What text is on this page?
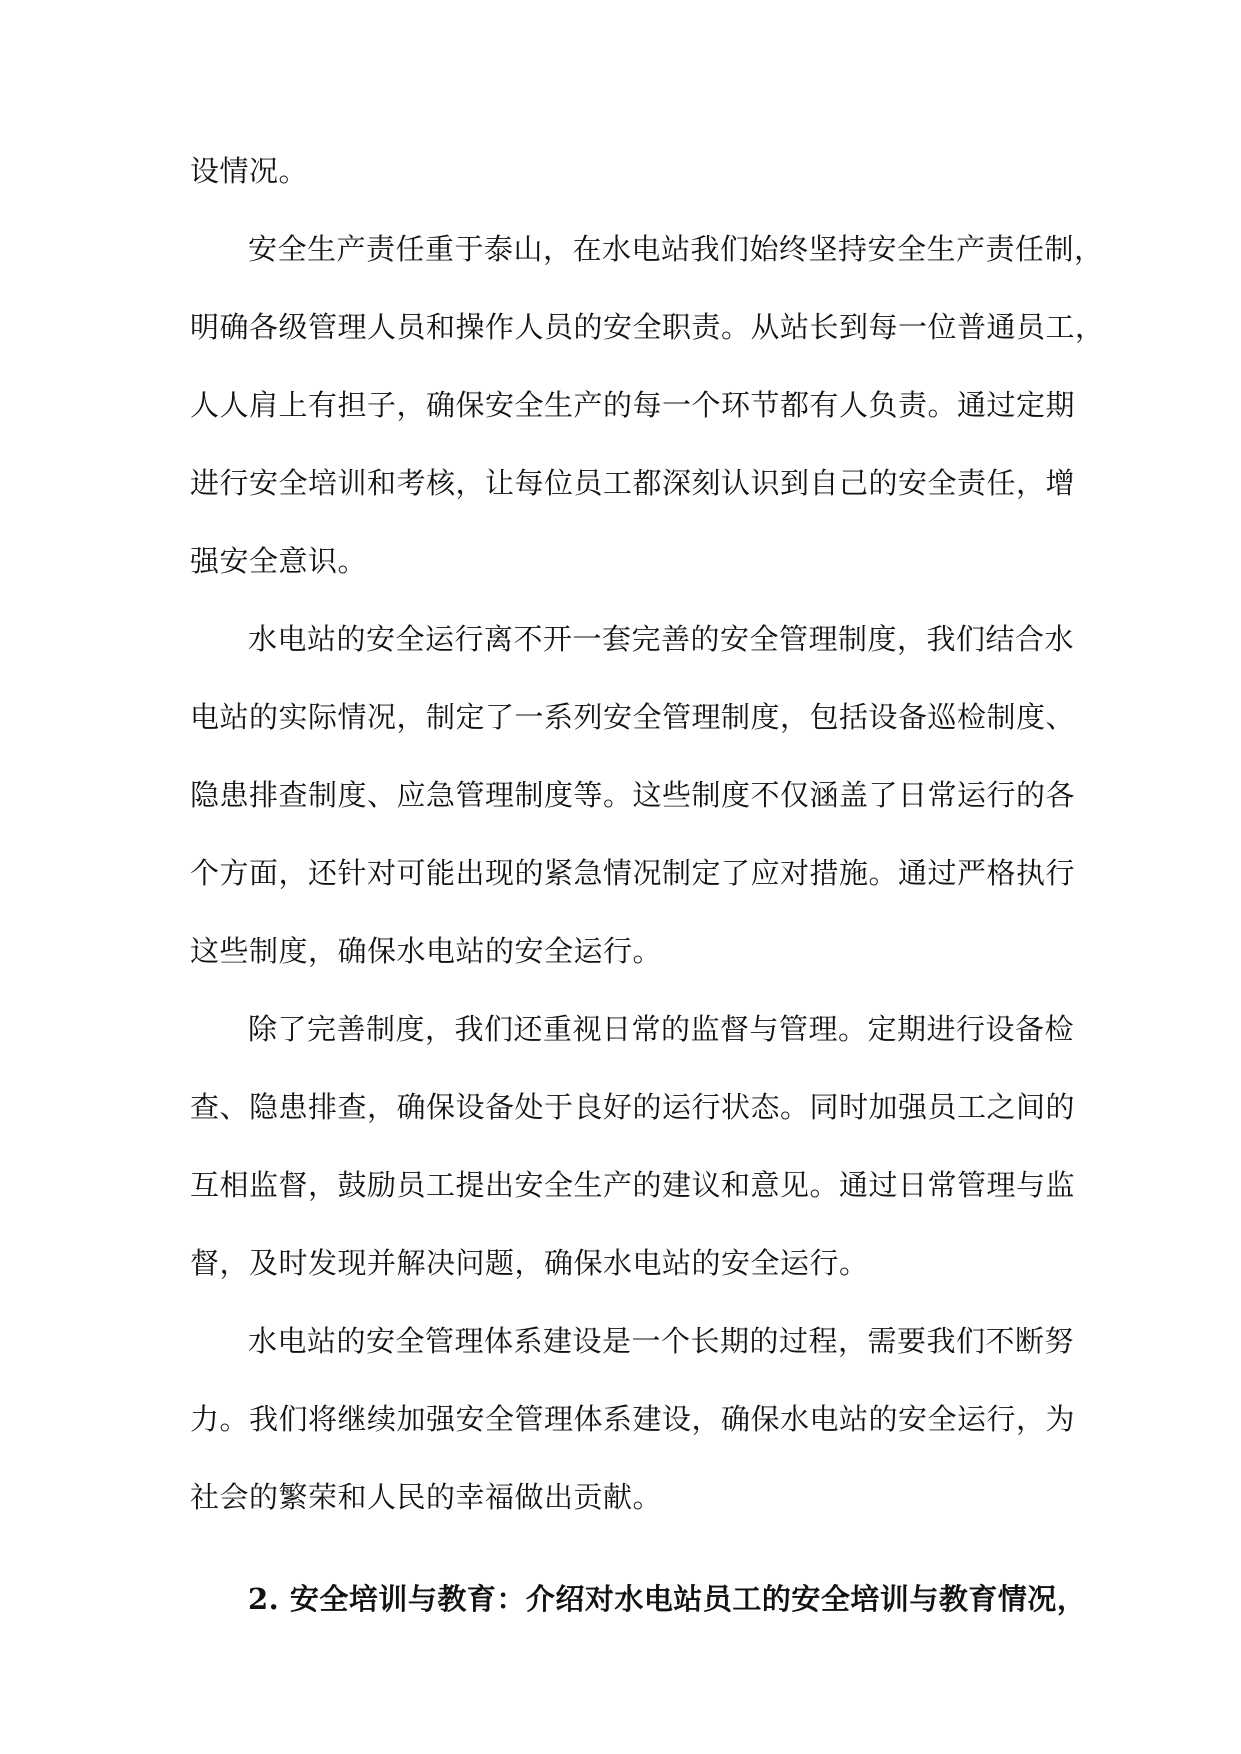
设情况。
安全生产责任重于泰山，在水电站我们始终坚持安全生产责任制，
明确各级管理人员和操作人员的安全职责。从站长到每一位普通员工，
人人肩上有担子，确保安全生产的每一个环节都有人负责。通过定期
进行安全培训和考核，让每位员工都深刻认识到自己的安全责任，增
强安全意识。
水电站的安全运行离不开一套完善的安全管理制度，我们结合水
电站的实际情况，制定了一系列安全管理制度，包括设备巡检制度、
隐患排查制度、应急管理制度等。这些制度不仅涵盖了日常运行的各
个方面，还针对可能出现的紧急情况制定了应对措施。通过严格执行
这些制度，确保水电站的安全运行。
除了完善制度，我们还重视日常的监督与管理。定期进行设备检
查、隐患排查，确保设备处于良好的运行状态。同时加强员工之间的
互相监督，鼓励员工提出安全生产的建议和意见。通过日常管理与监
督，及时发现并解决问题，确保水电站的安全运行。
水电站的安全管理体系建设是一个长期的过程，需要我们不断努
力。我们将继续加强安全管理体系建设，确保水电站的安全运行，为
社会的繁荣和人民的幸福做出贡献。
2. 安全培训与教育：介绍对水电站员工的安全培训与教育情况，
